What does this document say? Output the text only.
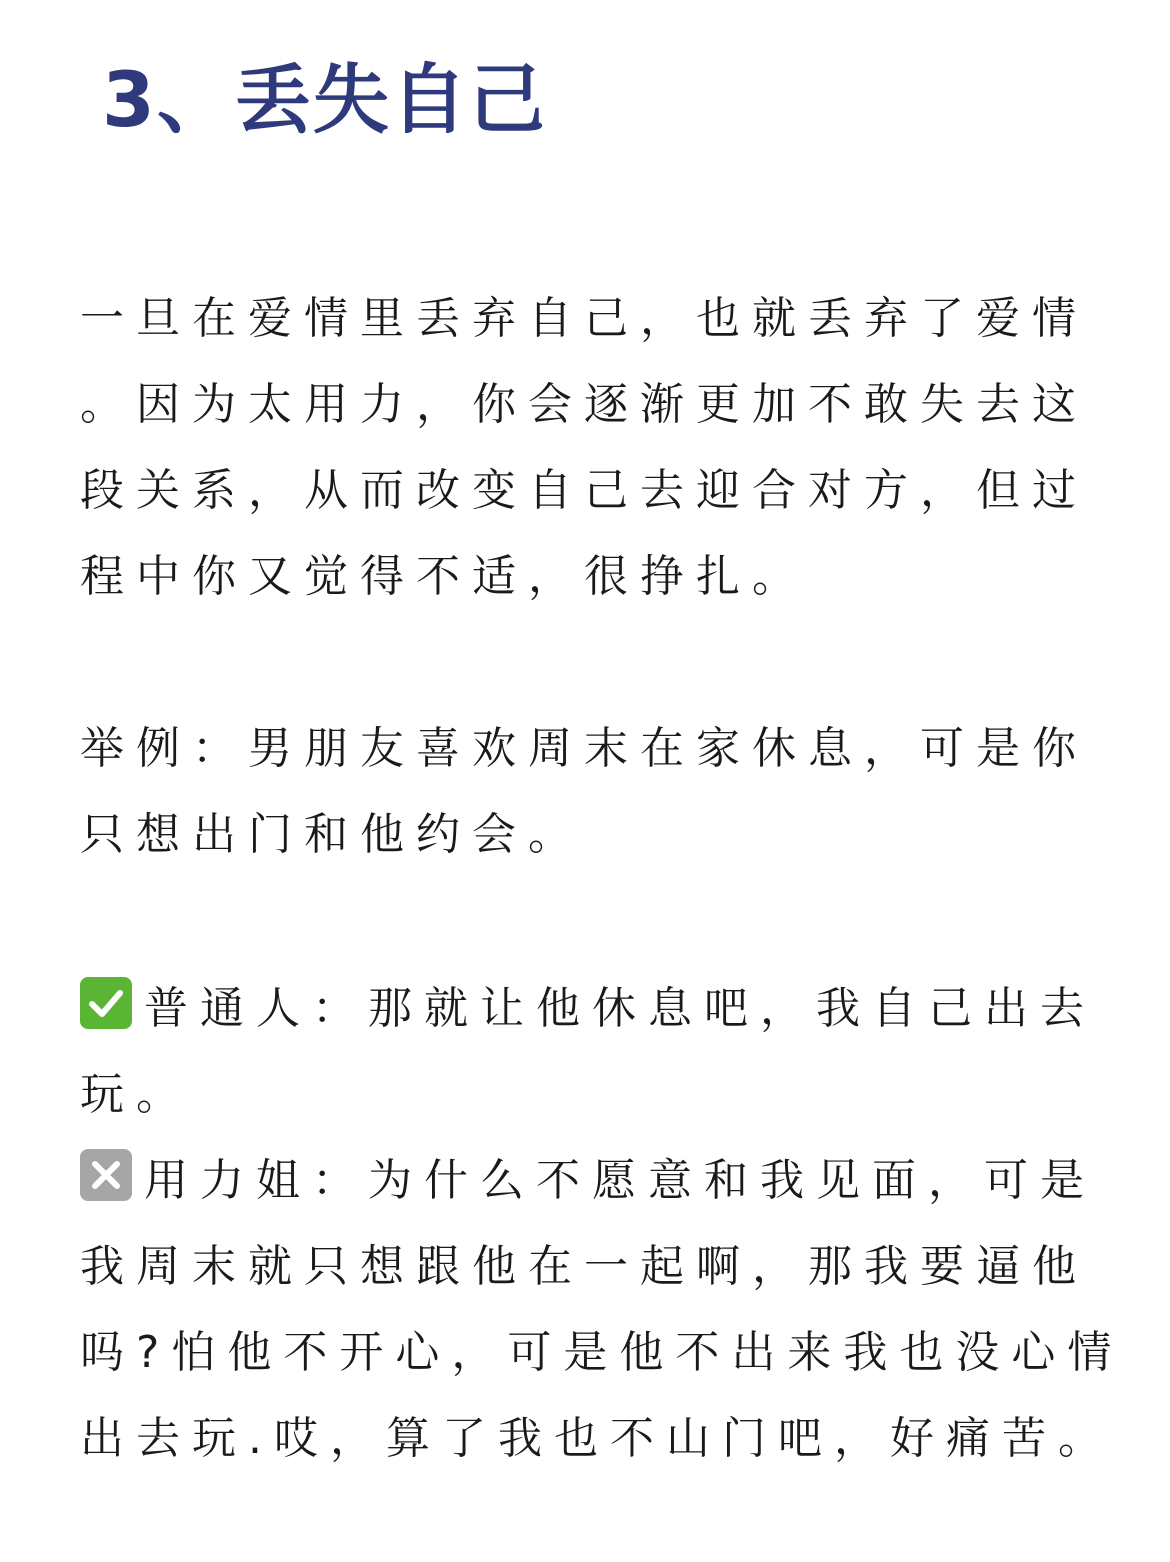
3、丢失自己
一旦在爱情里丢弃自己，也就丢弃了爱情
。因为太用力，你会逐渐更加不敢失去这
段关系，从而改变自己去迎合对方，但过
程中你又觉得不适，很挣扎。
举例：男朋友喜欢周末在家休息，可是你
只想出门和他约会。
普通人：那就让他休息吧，我自己出去
玩。
用力姐：为什么不愿意和我见面，可是
我周末就只想跟他在一起啊，那我要逼他
吗?怕他不开心，可是他不出来我也没心情
出去玩.哎，算了我也不山门吧，好痛苦。
